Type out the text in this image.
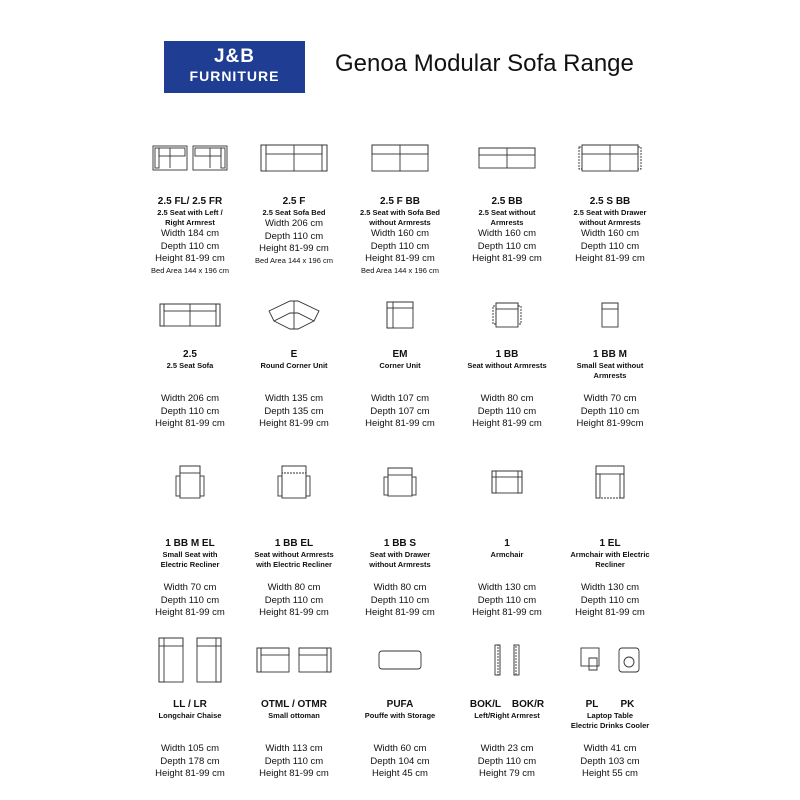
J&B
FURNITURE	Genoa Modular Sofa Range
2.5 FL/ 2.5 FR
2.5 Seat with Left /
Right Armrest
Width 184 cm
Depth 110 cm
Height 81-99 cm
Bed Area 144 x 196 cm
2.5 F
2.5 Seat Sofa Bed
Width 206 cm
Depth 110 cm
Height 81-99 cm
Bed Area 144 x 196 cm
2.5 F BB
2.5 Seat with Sofa Bed
without Armrests
Width 160 cm
Depth 110 cm
Height 81-99 cm
Bed Area 144 x 196 cm
2.5 BB
2.5 Seat without
Armrests
Width 160 cm
Depth 110 cm
Height 81-99 cm
2.5 S BB
2.5 Seat with Drawer
without Armrests
Width 160 cm
Depth 110 cm
Height 81-99 cm
2.5
2.5 Seat Sofa
Width 206 cm
Depth 110 cm
Height 81-99 cm
E
Round Corner Unit
Width 135 cm
Depth 135 cm
Height 81-99 cm
EM
Corner Unit
Width 107 cm
Depth 107 cm
Height 81-99 cm
1 BB
Seat without Armrests
Width 80 cm
Depth 110 cm
Height 81-99 cm
1 BB M
Small Seat without
Armrests
Width 70 cm
Depth 110 cm
Height 81-99cm
1 BB M EL
Small Seat with
Electric Recliner
Width 70 cm
Depth 110 cm
Height 81-99 cm
1 BB EL
Seat without Armrests
with Electric Recliner
Width 80 cm
Depth 110 cm
Height 81-99 cm
1 BB S
Seat with Drawer
without Armrests
Width 80 cm
Depth 110 cm
Height 81-99 cm
1
Armchair
Width 130 cm
Depth 110 cm
Height 81-99 cm
1 EL
Armchair with Electric
Recliner
Width 130 cm
Depth 110 cm
Height 81-99 cm
LL / LR
Longchair Chaise
Width 105 cm
Depth 178 cm
Height 81-99 cm
OTML / OTMR
Small ottoman
Width 113 cm
Depth 110 cm
Height 81-99 cm
PUFA
Pouffe with Storage
Width 60 cm
Depth 104 cm
Height 45 cm
BOK/L    BOK/R
Left/Right Armrest
Width 23 cm
Depth 110 cm
Height 79 cm
PL        PK
Laptop Table
Electric Drinks Cooler
Width 41 cm
Depth 103 cm
Height 55 cm
